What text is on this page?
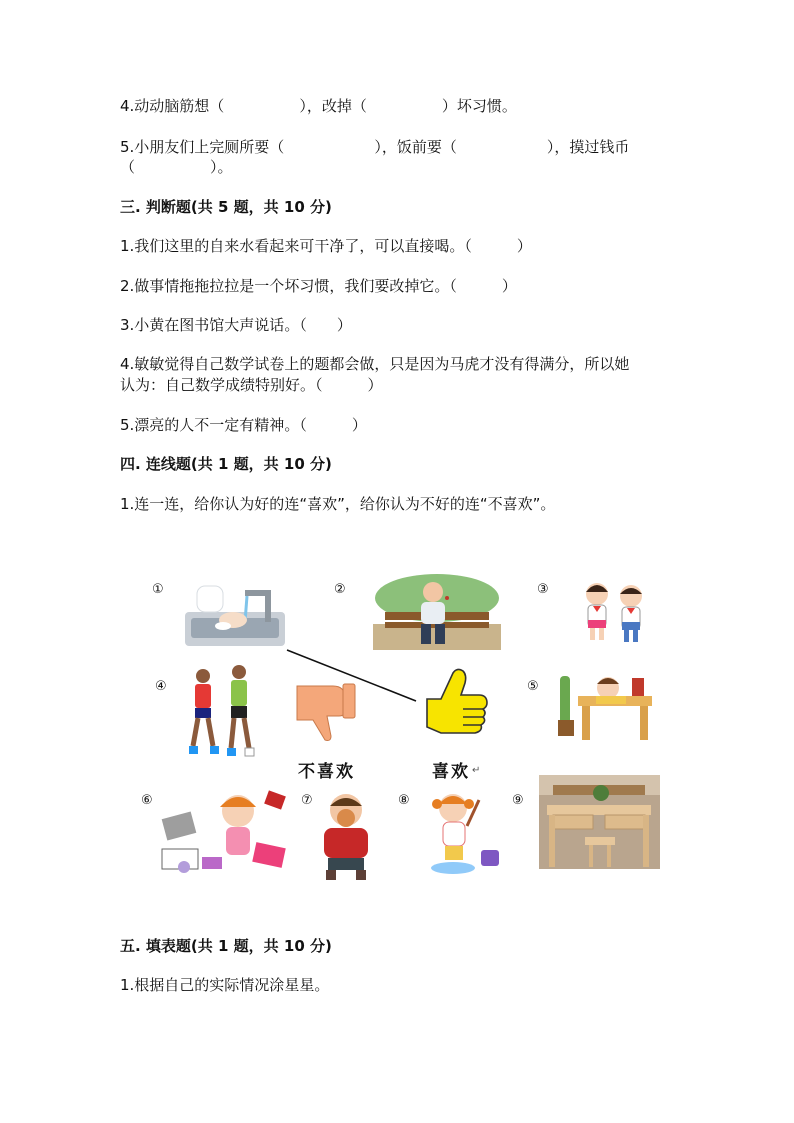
4.动动脑筋想（　　　　　），改掉（　　　　　）坏习惯。
5.小朋友们上完厕所要（　　　　　　），饭前要（　　　　　　），摸过钱币
（　　　　　）。
三. 判断题(共 5 题，共 10 分)
1.我们这里的自来水看起来可干净了，可以直接喝。（　　　）
2.做事情拖拖拉拉是一个坏习惯，我们要改掉它。（　　　）
3.小黄在图书馆大声说话。（　　）
4.敏敏觉得自己数学试卷上的题都会做，只是因为马虎才没有得满分，所以她
认为：自己数学成绩特别好。（　　　）
5.漂亮的人不一定有精神。（　　　）
四. 连线题(共 1 题，共 10 分)
1.连一连，给你认为好的连“喜欢”，给你认为不好的连“不喜欢”。
①	②	③
④	⑤
⑥	⑦	⑧	⑨
不喜欢	喜欢 ↵
五. 填表题(共 1 题，共 10 分)
1.根据自己的实际情况涂星星。
